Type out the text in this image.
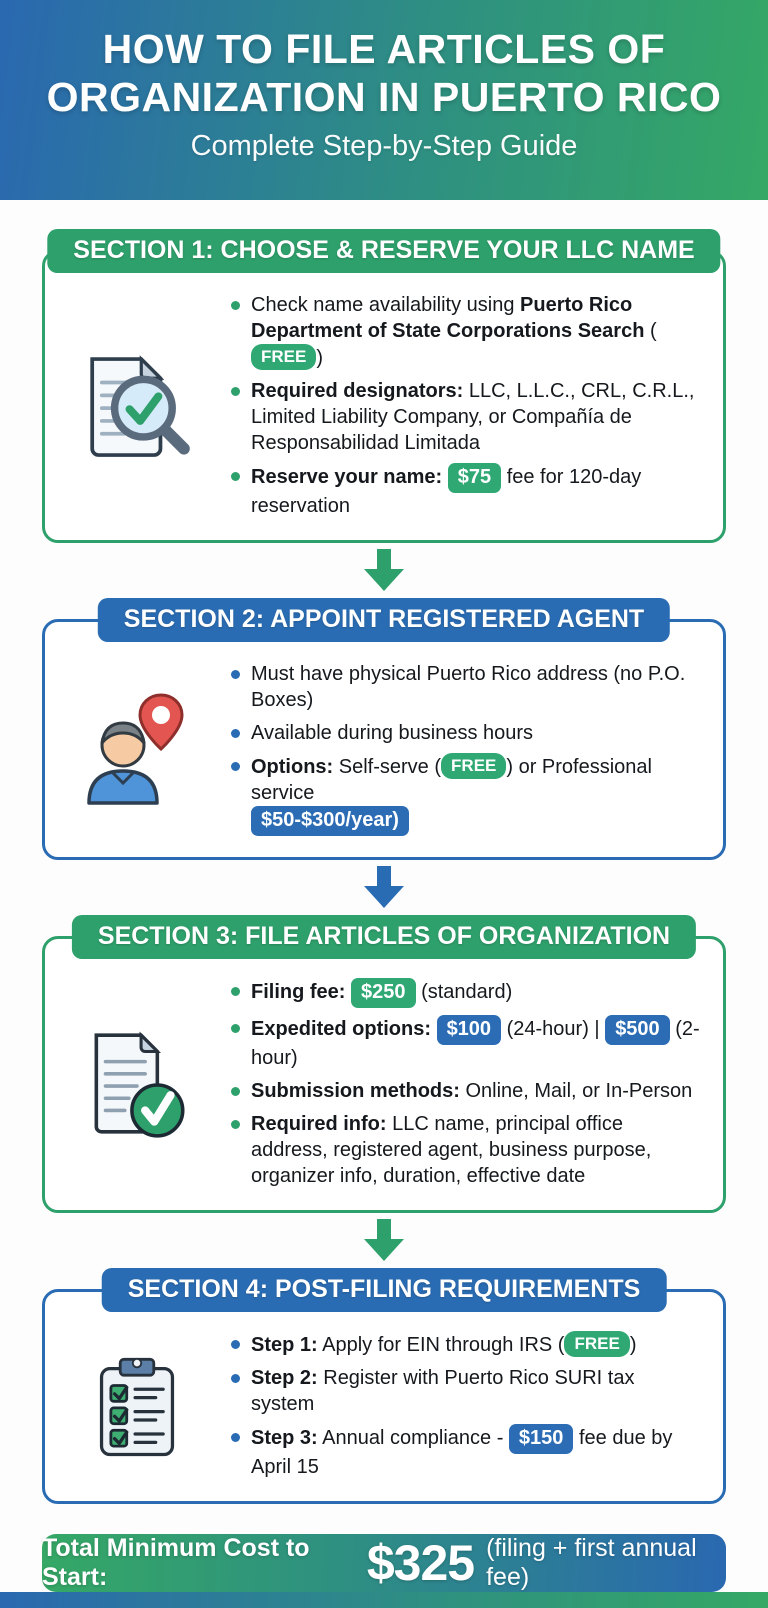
HOW TO FILE ARTICLES OF
ORGANIZATION IN PUERTO RICO
Complete Step-by-Step Guide
SECTION 1: CHOOSE & RESERVE YOUR LLC NAME
Check name availability using Puerto Rico Department of State Corporations Search (FREE )
Required designators: LLC, L.L.C., CRL, C.R.L., Limited Liability Company, or Compañía de Responsabilidad Limitada
Reserve your name: $75 fee for 120-day reservation
SECTION 2: APPOINT REGISTERED AGENT
Must have physical Puerto Rico address (no P.O. Boxes)
Available during business hours
Options: Self-serve ( FREE ) or Professional service
$50-$300/year)
SECTION 3: FILE ARTICLES OF ORGANIZATION
Filing fee: $250 (standard)
Expedited options: $100 (24-hour) | $500 (2-hour)
Submission methods: Online, Mail, or In-Person
Required info: LLC name, principal office address, registered agent, business purpose, organizer info, duration, effective date
SECTION 4: POST-FILING REQUIREMENTS
Step 1: Apply for EIN through IRS ( FREE )
Step 2: Register with Puerto Rico SURI tax system
Step 3: Annual compliance - $150 fee due by April 15
Total Minimum Cost to Start:	$325 (filing + first annual fee)
